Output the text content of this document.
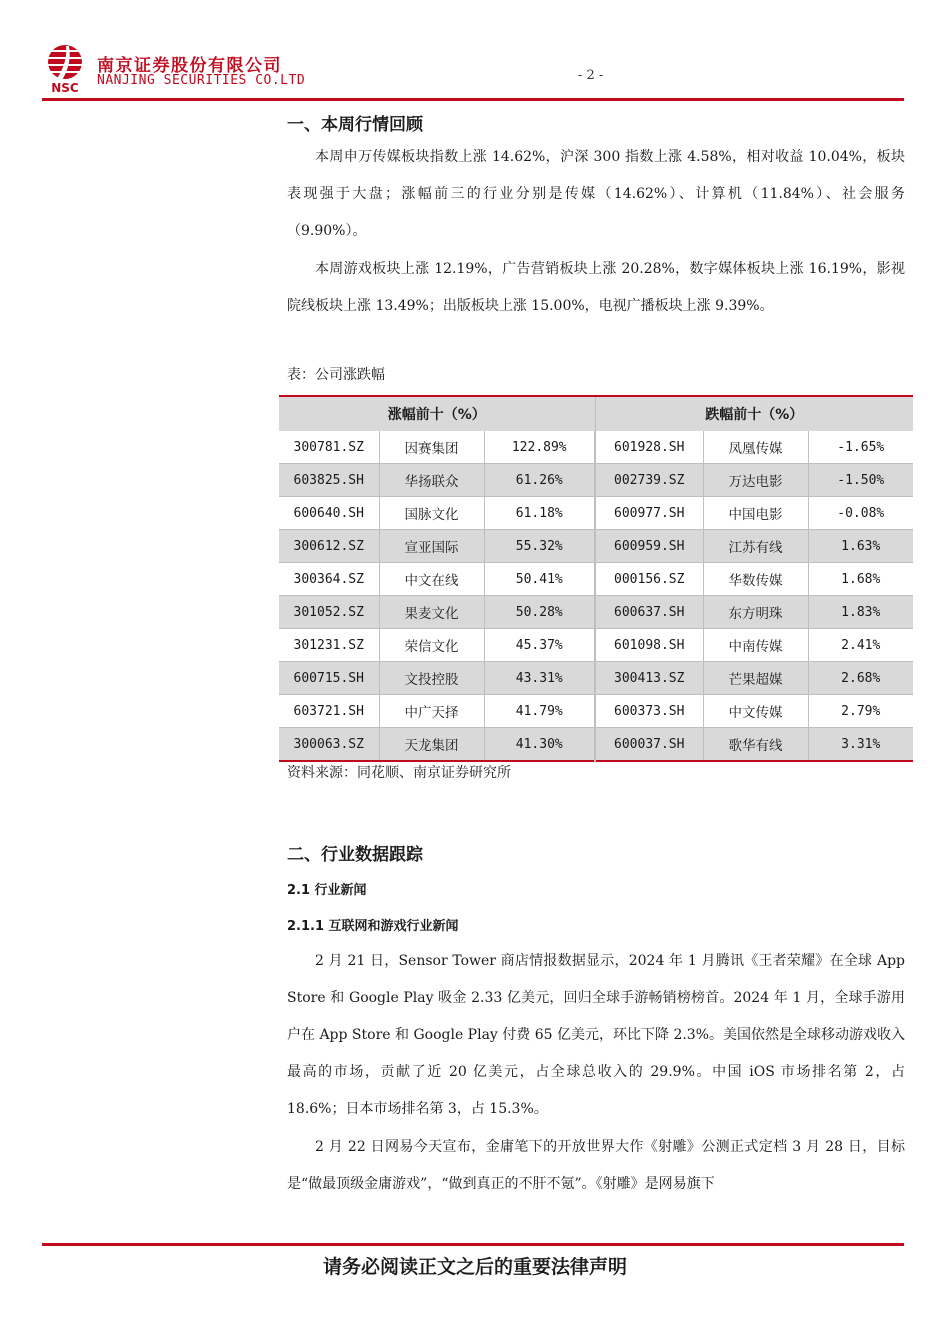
NSC
南京证券股份有限公司
NANJING SECURITIES CO.LTD	- 2 -
一、本周行情回顾

本周申万传媒板块指数上涨 14.62%，沪深 300 指数上涨 4.58%，相对收益 10.04%，板块表现强于大盘；涨幅前三的行业分别是传媒（14.62%）、计算机（11.84%）、社会服务（9.90%）。

本周游戏板块上涨 12.19%，广告营销板块上涨 20.28%，数字媒体板块上涨 16.19%，影视院线板块上涨 13.49%；出版板块上涨 15.00%，电视广播板块上涨 9.39%。

表：公司涨跌幅
资料来源：同花顺、南京证券研究所
二、行业数据跟踪
2.1 行业新闻
2.1.1 互联网和游戏行业新闻

2 月 21 日，Sensor Tower 商店情报数据显示，2024 年 1 月腾讯《王者荣耀》在全球 App Store 和 Google Play 吸金 2.33 亿美元，回归全球手游畅销榜榜首。2024 年 1 月，全球手游用户在 App Store 和 Google Play 付费 65 亿美元，环比下降 2.3%。美国依然是全球移动游戏收入最高的市场，贡献了近 20 亿美元，占全球总收入的 29.9%。中国 iOS 市场排名第 2，占 18.6%；日本市场排名第 3，占 15.3%。

2 月 22 日网易今天宣布，金庸笔下的开放世界大作《射雕》公测正式定档 3 月 28 日，目标是“做最顶级金庸游戏”，“做到真正的不肝不氪”。《射雕》是网易旗下

涨幅前十（%）			跌幅前十（%）		
300781.SZ	因赛集团	122.89%	601928.SH	凤凰传媒	-1.65%
603825.SH	华扬联众	61.26%	002739.SZ	万达电影	-1.50%
600640.SH	国脉文化	61.18%	600977.SH	中国电影	-0.08%
300612.SZ	宣亚国际	55.32%	600959.SH	江苏有线	1.63%
300364.SZ	中文在线	50.41%	000156.SZ	华数传媒	1.68%
301052.SZ	果麦文化	50.28%	600637.SH	东方明珠	1.83%
301231.SZ	荣信文化	45.37%	601098.SH	中南传媒	2.41%
600715.SH	文投控股	43.31%	300413.SZ	芒果超媒	2.68%
603721.SH	中广天择	41.79%	600373.SH	中文传媒	2.79%
300063.SZ	天龙集团	41.30%	600037.SH	歌华有线	3.31%
请务必阅读正文之后的重要法律声明
